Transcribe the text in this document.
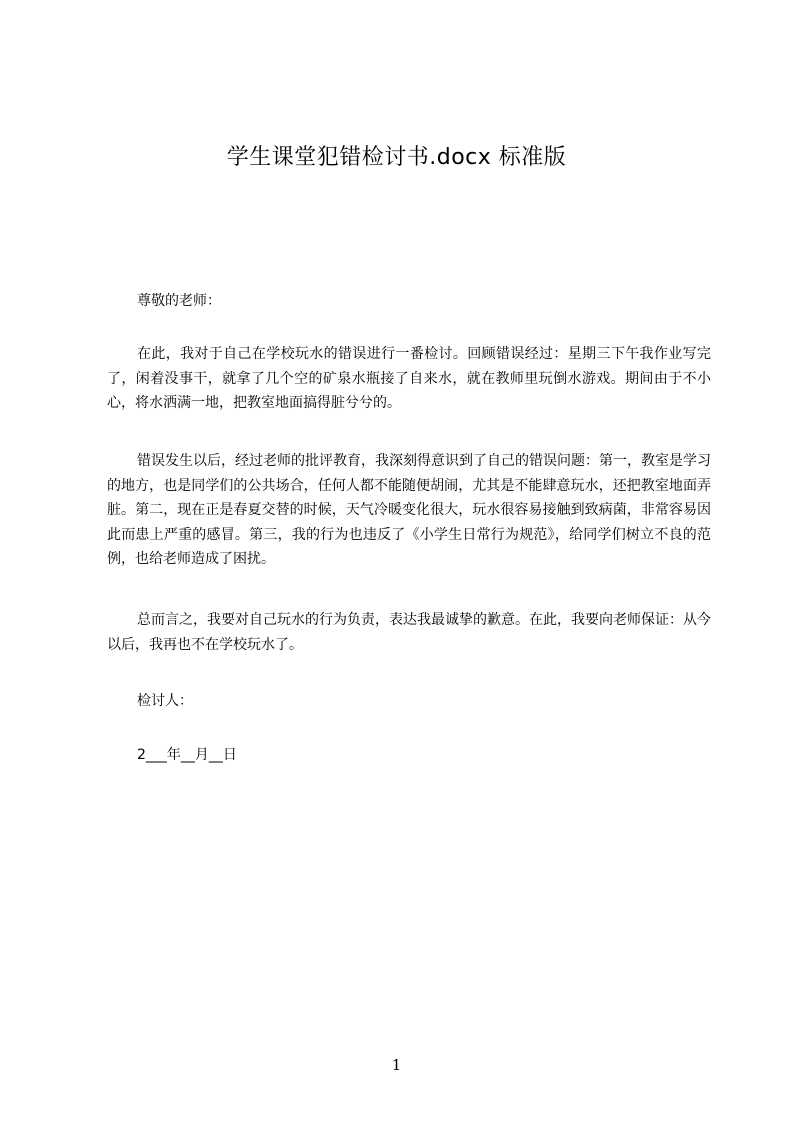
学生课堂犯错检讨书.docx 标准版
尊敬的老师：
在此，我对于自己在学校玩水的错误进行一番检讨。回顾错误经过：星期三下午我作业写完了，闲着没事干，就拿了几个空的矿泉水瓶接了自来水，就在教师里玩倒水游戏。期间由于不小心，将水洒满一地，把教室地面搞得脏兮兮的。
错误发生以后，经过老师的批评教育，我深刻得意识到了自己的错误问题：第一，教室是学习的地方，也是同学们的公共场合，任何人都不能随便胡闹，尤其是不能肆意玩水，还把教室地面弄脏。第二，现在正是春夏交替的时候，天气冷暖变化很大，玩水很容易接触到致病菌，非常容易因此而患上严重的感冒。第三，我的行为也违反了《小学生日常行为规范》，给同学们树立不良的范例，也给老师造成了困扰。
总而言之，我要对自己玩水的行为负责，表达我最诚挚的歉意。在此，我要向老师保证：从今以后，我再也不在学校玩水了。
检讨人：
2___年__月__日
1
